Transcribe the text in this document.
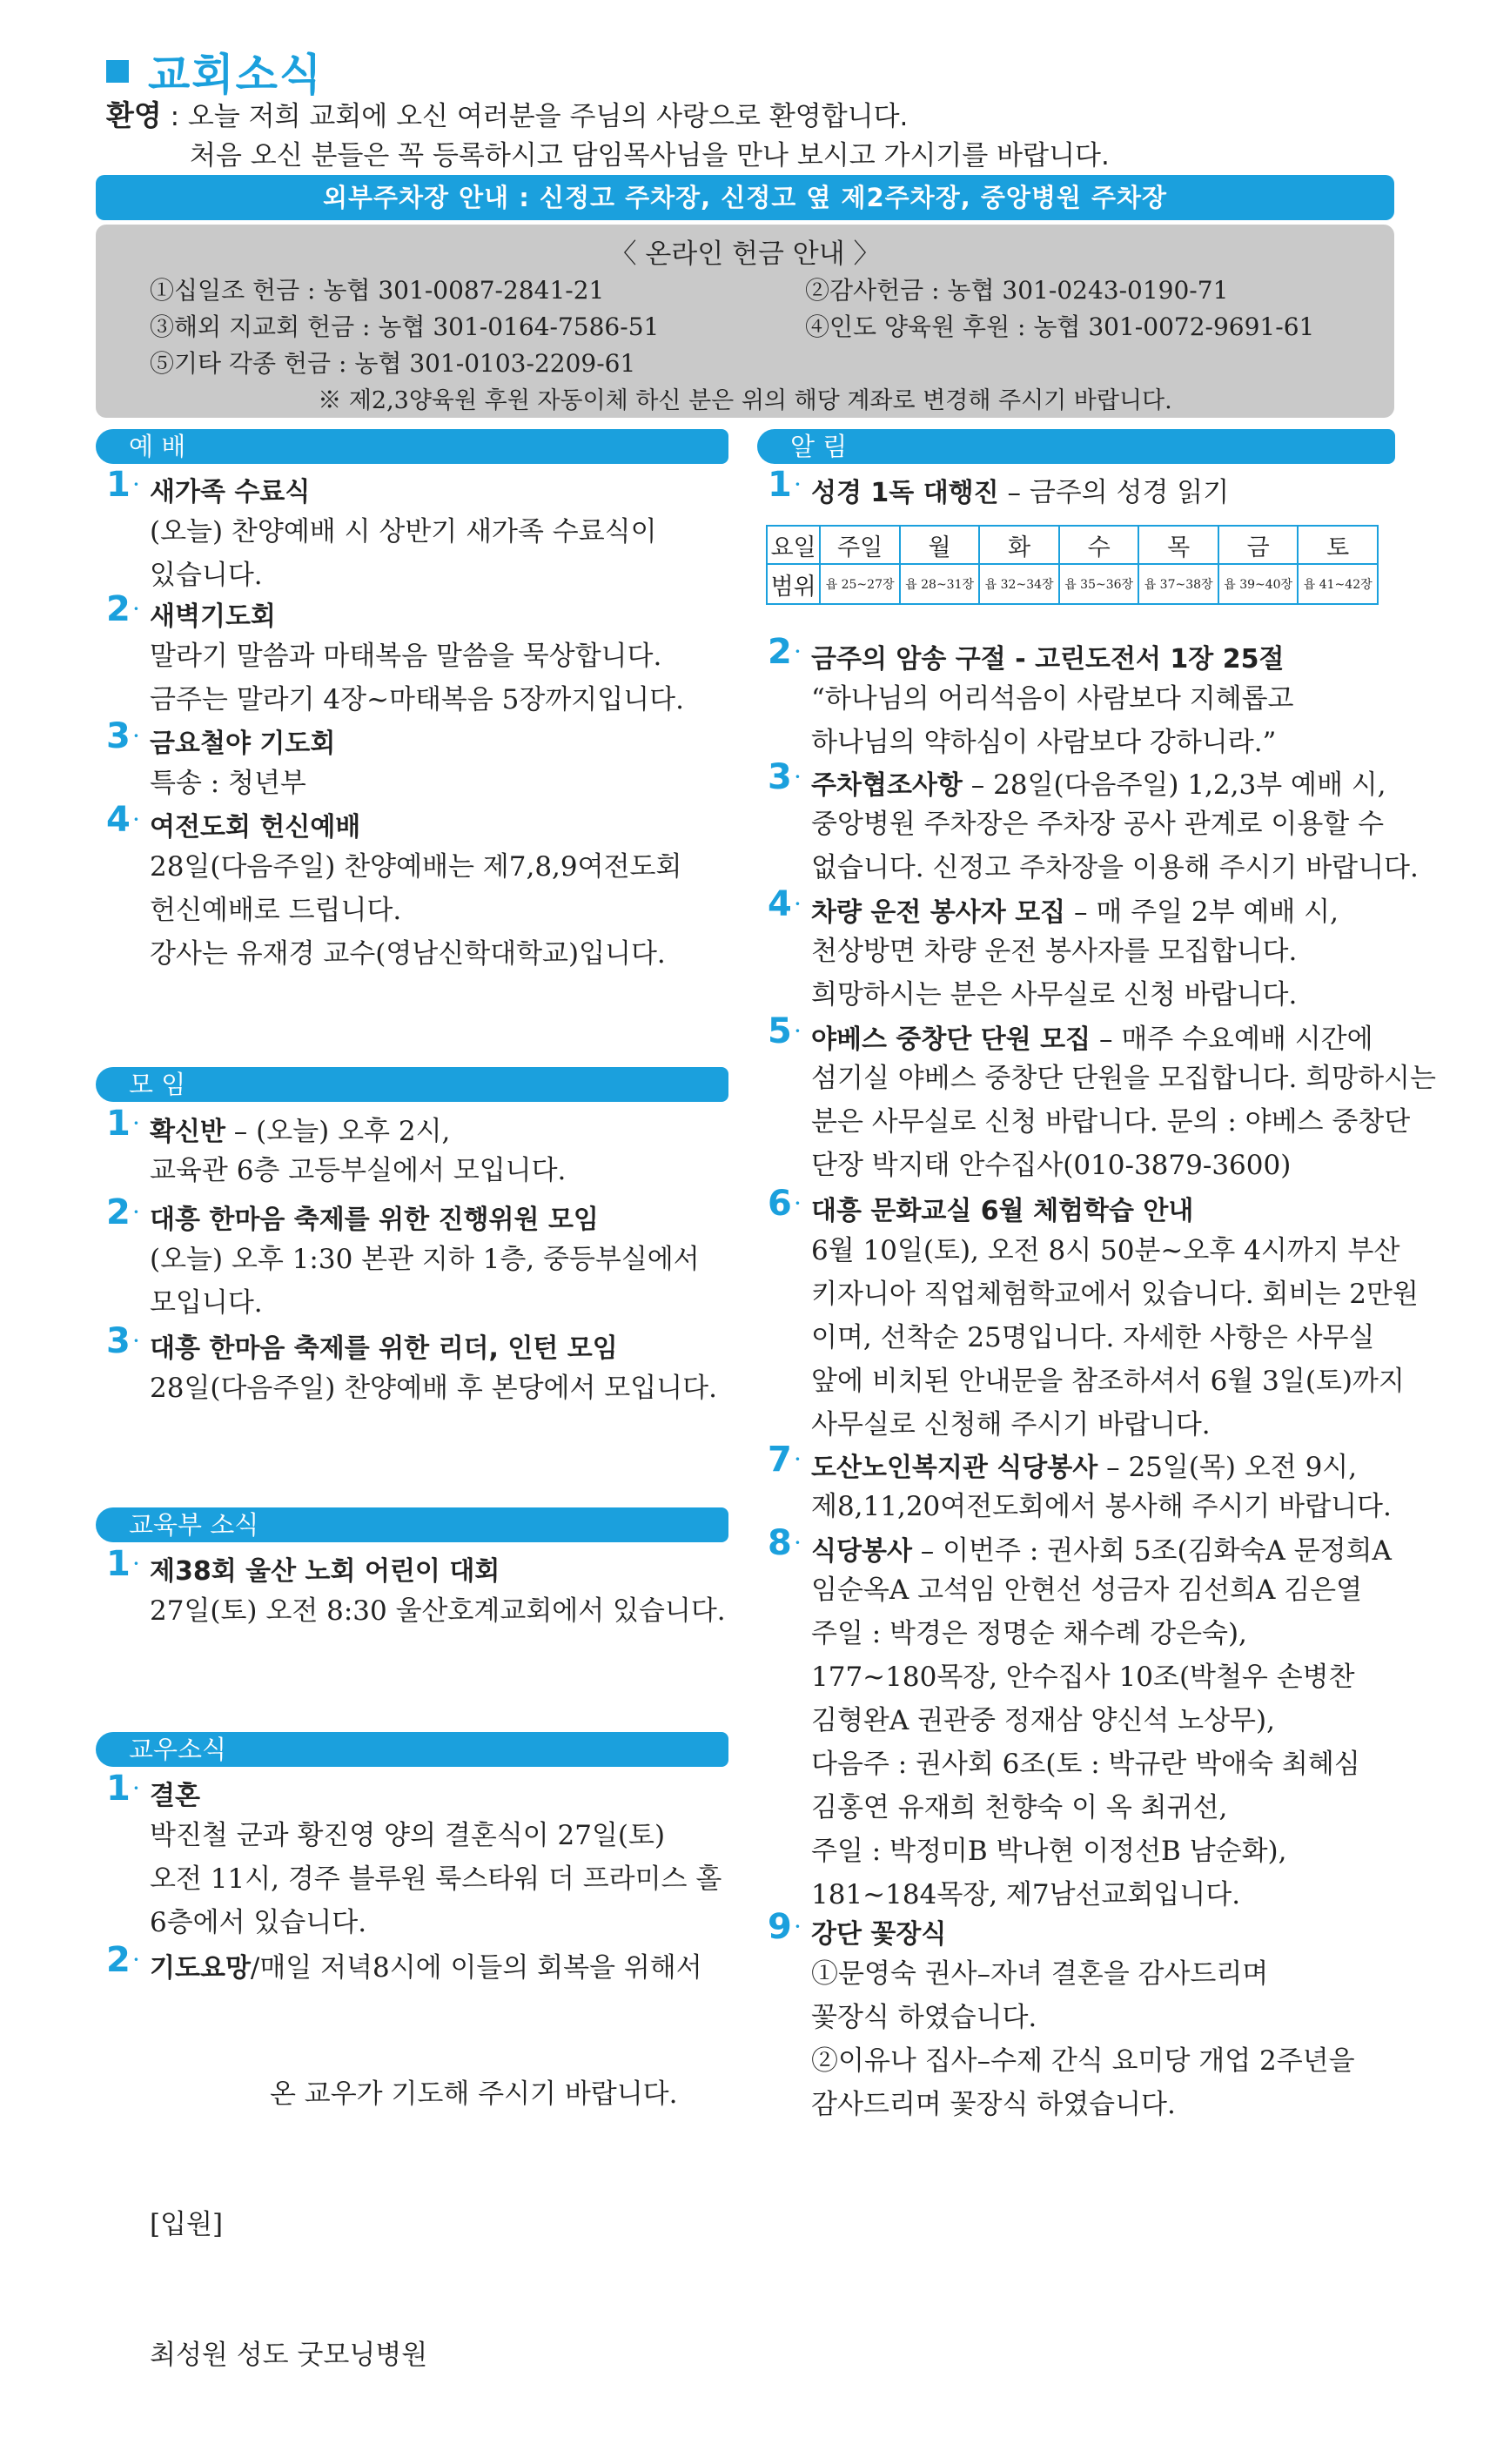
교회소식
환영 : 오늘 저희 교회에 오신 여러분을 주님의 사랑으로 환영합니다.
처음 오신 분들은 꼭 등록하시고 담임목사님을 만나 보시고 가시기를 바랍니다.
외부주차장 안내 : 신정고 주차장, 신정고 옆 제2주차장, 중앙병원 주차장
〈 온라인 헌금 안내 〉
①십일조 헌금 : 농협 301-0087-2841-21	②감사헌금 : 농협 301-0243-0190-71
③해외 지교회 헌금 : 농협 301-0164-7586-51	④인도 양육원 후원 : 농협 301-0072-9691-61
⑤기타 각종 헌금 : 농협 301-0103-2209-61
※ 제2,3양육원 후원 자동이체 하신 분은 위의 해당 계좌로 변경해 주시기 바랍니다.
예 배
1 · 새가족 수료식
(오늘) 찬양예배 시 상반기 새가족 수료식이
있습니다.
2 · 새벽기도회
말라기 말씀과 마태복음 말씀을 묵상합니다.
금주는 말라기 4장~마태복음 5장까지입니다.
3 · 금요철야 기도회
특송 : 청년부
4 · 여전도회 헌신예배
28일(다음주일) 찬양예배는 제7,8,9여전도회
헌신예배로 드립니다.
강사는 유재경 교수(영남신학대학교)입니다.
모 임
1 · 확신반 – (오늘) 오후 2시,
교육관 6층 고등부실에서 모입니다.
2 · 대흥 한마음 축제를 위한 진행위원 모임
(오늘) 오후 1:30 본관 지하 1층, 중등부실에서
모입니다.
3 · 대흥 한마음 축제를 위한 리더, 인턴 모임
28일(다음주일) 찬양예배 후 본당에서 모입니다.
교육부 소식
1 · 제38회 울산 노회 어린이 대회
27일(토) 오전 8:30 울산호계교회에서 있습니다.
교우소식
1 · 결혼
박진철 군과 황진영 양의 결혼식이 27일(토)
오전 11시, 경주 블루원 룩스타워 더 프라미스 홀
6층에서 있습니다.
2 · 기도요망/매일 저녁8시에 이들의 회복을 위해서

온 교우가 기도해 주시기 바랍니다.

[입원]

최성원 성도 굿모닝병원

알 림
1 · 성경 1독 대행진 – 금주의 성경 읽기
요일	주일	월	화	수	목	금	토
범위	욥 25~27장	욥 28~31장	욥 32~34장	욥 35~36장	욥 37~38장	욥 39~40장	욥 41~42장
2 · 금주의 암송 구절 - 고린도전서 1장 25절
“하나님의 어리석음이 사람보다 지혜롭고
하나님의 약하심이 사람보다 강하니라.”
3 · 주차협조사항 – 28일(다음주일) 1,2,3부 예배 시,
중앙병원 주차장은 주차장 공사 관계로 이용할 수
없습니다. 신정고 주차장을 이용해 주시기 바랍니다.
4 · 차량 운전 봉사자 모집 – 매 주일 2부 예배 시,
천상방면 차량 운전 봉사자를 모집합니다.
희망하시는 분은 사무실로 신청 바랍니다.
5 · 야베스 중창단 단원 모집 – 매주 수요예배 시간에
섬기실 야베스 중창단 단원을 모집합니다. 희망하시는
분은 사무실로 신청 바랍니다. 문의 : 야베스 중창단
단장 박지태 안수집사(010-3879-3600)
6 · 대흥 문화교실 6월 체험학습 안내
6월 10일(토), 오전 8시 50분~오후 4시까지 부산
키자니아 직업체험학교에서 있습니다. 회비는 2만원
이며, 선착순 25명입니다. 자세한 사항은 사무실
앞에 비치된 안내문을 참조하셔서 6월 3일(토)까지
사무실로 신청해 주시기 바랍니다.
7 · 도산노인복지관 식당봉사 – 25일(목) 오전 9시,
제8,11,20여전도회에서 봉사해 주시기 바랍니다.
8 · 식당봉사 – 이번주 : 권사회 5조(김화숙A 문정희A
임순옥A 고석임 안현선 성금자 김선희A 김은열
주일 : 박경은 정명순 채수례 강은숙),
177~180목장, 안수집사 10조(박철우 손병찬
김형완A 권관중 정재삼 양신석 노상무),
다음주 : 권사회 6조(토 : 박규란 박애숙 최혜심
김홍연 유재희 천향숙 이 옥 최귀선,
주일 : 박정미B 박나현 이정선B 남순화),
181~184목장, 제7남선교회입니다.
9 · 강단 꽃장식
①문영숙 권사–자녀 결혼을 감사드리며
꽃장식 하였습니다.
②이유나 집사–수제 간식 요미당 개업 2주년을
감사드리며 꽃장식 하였습니다.
